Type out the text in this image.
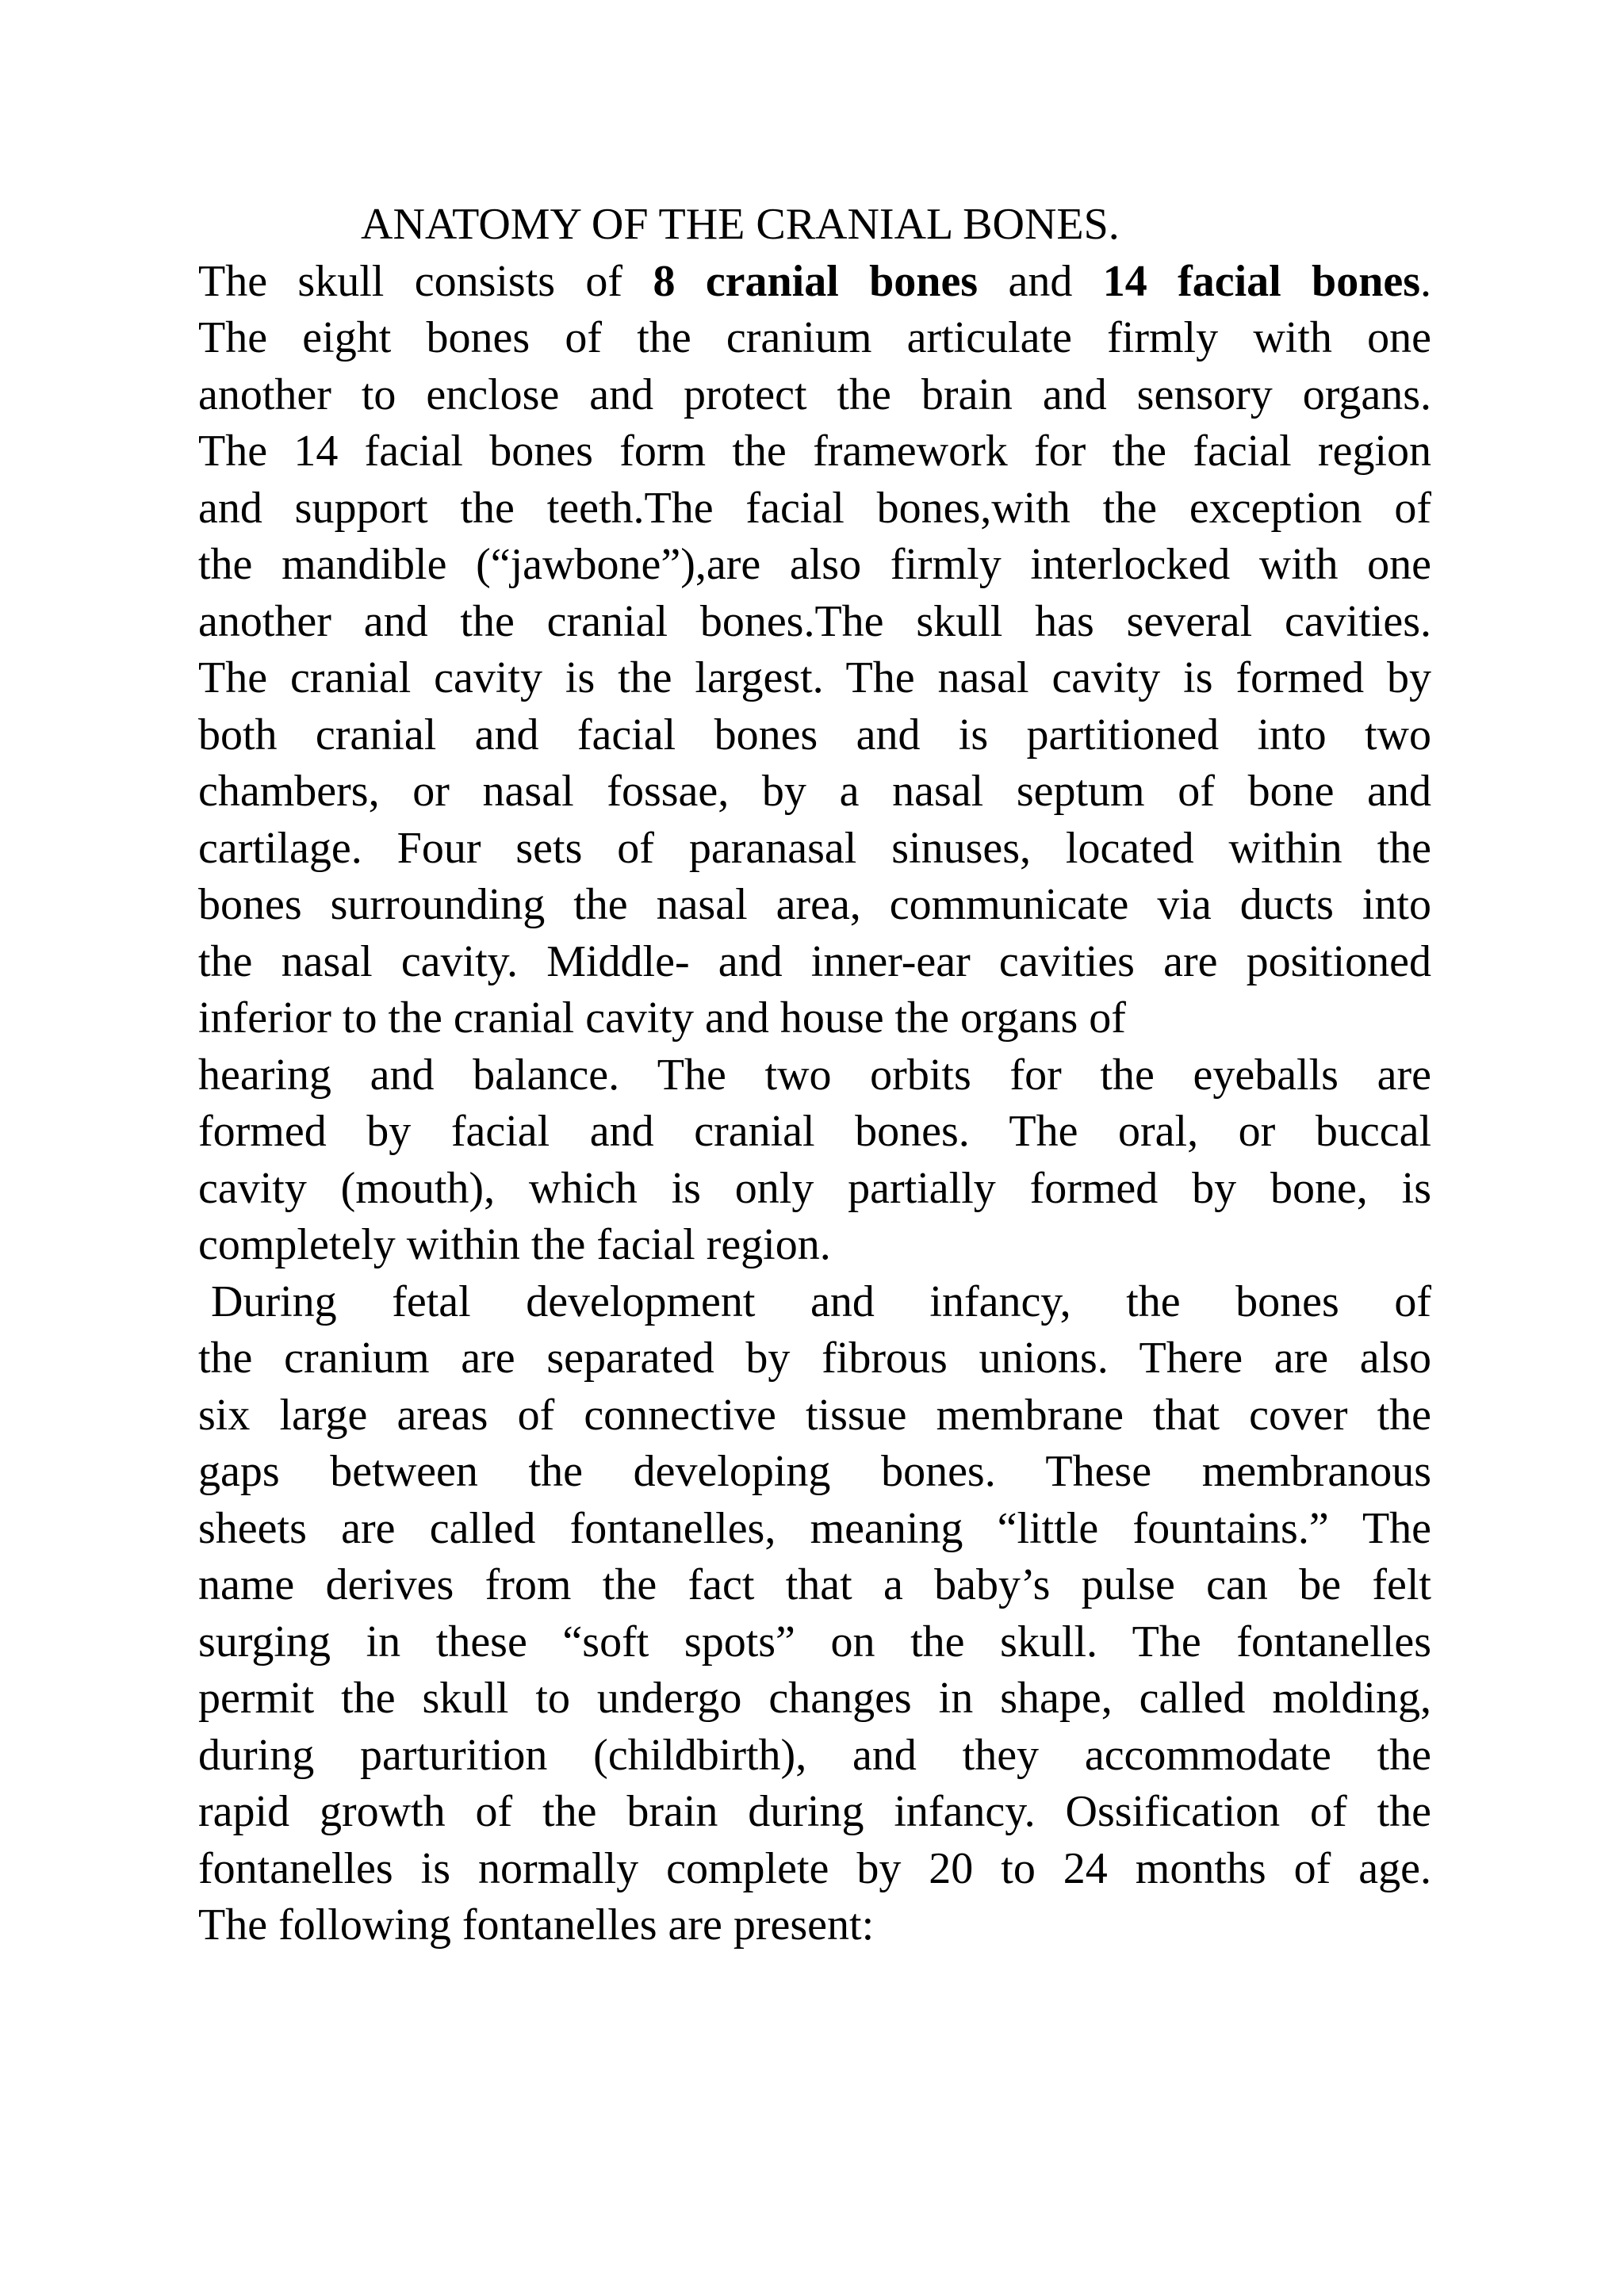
ANATOMY OF THE CRANIAL BONES.
The skull consists of 8 cranial bones and 14 facial bones.
The eight bones of the cranium articulate firmly with one
another to enclose and protect the brain and sensory organs.
The 14 facial bones form the framework for the facial region
and support the teeth.The facial bones,with the exception of
the mandible (“jawbone”),are also firmly interlocked with one
another and the cranial bones.The skull has several cavities.
The cranial cavity is the largest. The nasal cavity is formed by
both cranial and facial bones and is partitioned into two
chambers, or nasal fossae, by a nasal septum of bone and
cartilage. Four sets of paranasal sinuses, located within the
bones surrounding the nasal area, communicate via ducts into
the nasal cavity. Middle- and inner-ear cavities are positioned
inferior to the cranial cavity and house the organs of
hearing and balance. The two orbits for the eyeballs are
formed by facial and cranial bones. The oral, or buccal
cavity (mouth), which is only partially formed by bone, is
completely within the facial region.
During fetal development and infancy, the bones of
the cranium are separated by fibrous unions. There are also
six large areas of connective tissue membrane that cover the
gaps between the developing bones. These membranous
sheets are called fontanelles, meaning “little fountains.” The
name derives from the fact that a baby’s pulse can be felt
surging in these “soft spots” on the skull. The fontanelles
permit the skull to undergo changes in shape, called molding,
during parturition (childbirth), and they accommodate the
rapid growth of the brain during infancy. Ossification of the
fontanelles is normally complete by 20 to 24 months of age.
The following fontanelles are present:
